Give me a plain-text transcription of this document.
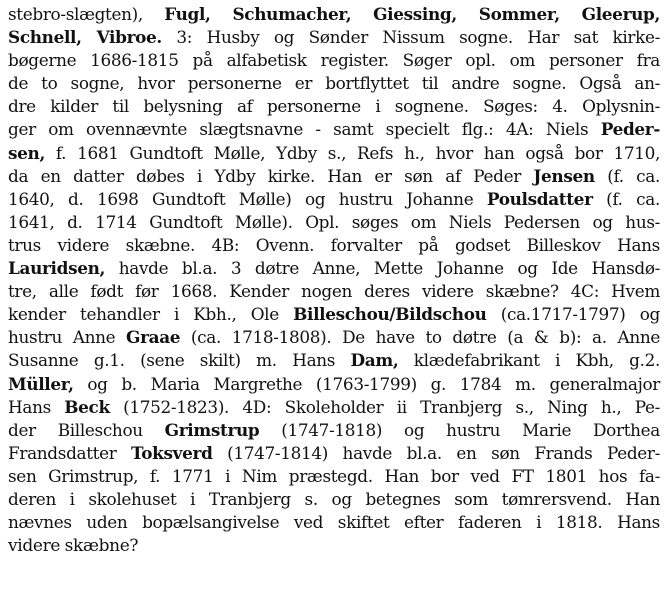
stebro-slægten), Fugl, Schumacher, Giessing, Sommer, Gleerup,
Schnell, Vibroe. 3: Husby og Sønder Nissum sogne. Har sat kirke-
bøgerne 1686-1815 på alfabetisk register. Søger opl. om personer fra
de to sogne, hvor personerne er bortflyttet til andre sogne. Også an-
dre kilder til belysning af personerne i sognene. Søges: 4. Oplysnin-
ger om ovennævnte slægtsnavne - samt specielt flg.: 4A: Niels Peder-
sen, f. 1681 Gundtoft Mølle, Ydby s., Refs h., hvor han også bor 1710,
da en datter døbes i Ydby kirke. Han er søn af Peder Jensen (f. ca.
1640, d. 1698 Gundtoft Mølle) og hustru Johanne Poulsdatter (f. ca.
1641, d. 1714 Gundtoft Mølle). Opl. søges om Niels Pedersen og hus-
trus videre skæbne. 4B: Ovenn. forvalter på godset Billeskov Hans
Lauridsen, havde bl.a. 3 døtre Anne, Mette Johanne og Ide Hansdø-
tre, alle født før 1668. Kender nogen deres videre skæbne? 4C: Hvem
kender tehandler i Kbh., Ole Billeschou/Bildschou (ca.1717-1797) og
hustru Anne Graae (ca. 1718-1808). De have to døtre (a & b): a. Anne
Susanne g.1. (sene skilt) m. Hans Dam, klædefabrikant i Kbh, g.2.
Müller, og b. Maria Margrethe (1763-1799) g. 1784 m. generalmajor
Hans Beck (1752-1823). 4D: Skoleholder ii Tranbjerg s., Ning h., Pe-
der Billeschou Grimstrup (1747-1818) og hustru Marie Dorthea
Frandsdatter Toksverd (1747-1814) havde bl.a. en søn Frands Peder-
sen Grimstrup, f. 1771 i Nim præstegd. Han bor ved FT 1801 hos fa-
deren i skolehuset i Tranbjerg s. og betegnes som tømrersvend. Han
nævnes uden bopælsangivelse ved skiftet efter faderen i 1818. Hans
videre skæbne?
